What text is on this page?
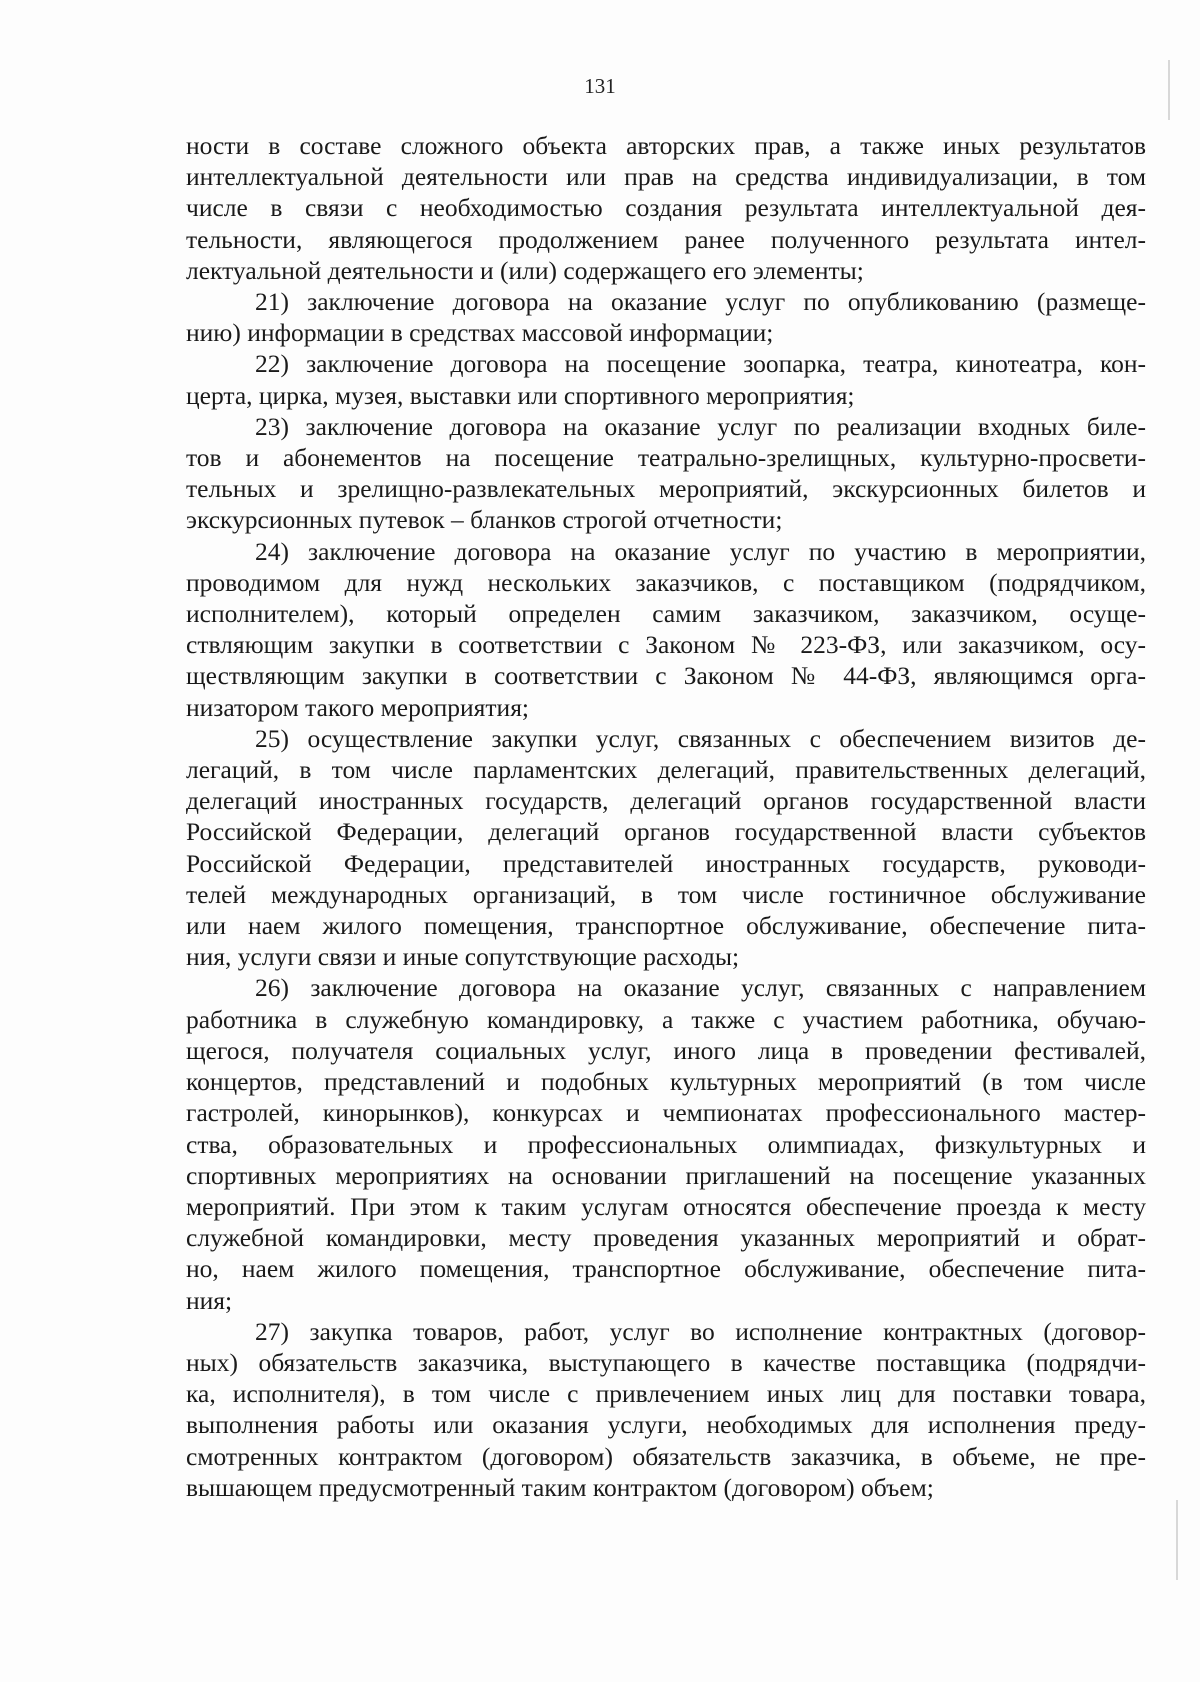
131
ности в составе сложного объекта авторских прав, а также иных результатов
интеллектуальной деятельности или прав на средства индивидуализации, в том
числе в связи с необходимостью создания результата интеллектуальной дея-
тельности, являющегося продолжением ранее полученного результата интел-
лектуальной деятельности и (или) содержащего его элементы;
21) заключение договора на оказание услуг по опубликованию (размеще-
нию) информации в средствах массовой информации;
22) заключение договора на посещение зоопарка, театра, кинотеатра, кон-
церта, цирка, музея, выставки или спортивного мероприятия;
23) заключение договора на оказание услуг по реализации входных биле-
тов и абонементов на посещение театрально-зрелищных, культурно-просвети-
тельных и зрелищно-развлекательных мероприятий, экскурсионных билетов и
экскурсионных путевок – бланков строгой отчетности;
24) заключение договора на оказание услуг по участию в мероприятии,
проводимом для нужд нескольких заказчиков, с поставщиком (подрядчиком,
исполнителем), который определен самим заказчиком, заказчиком, осуще-
ствляющим закупки в соответствии с Законом № 223-ФЗ, или заказчиком, осу-
ществляющим закупки в соответствии с Законом № 44-ФЗ, являющимся орга-
низатором такого мероприятия;
25) осуществление закупки услуг, связанных с обеспечением визитов де-
легаций, в том числе парламентских делегаций, правительственных делегаций,
делегаций иностранных государств, делегаций органов государственной власти
Российской Федерации, делегаций органов государственной власти субъектов
Российской Федерации, представителей иностранных государств, руководи-
телей международных организаций, в том числе гостиничное обслуживание
или наем жилого помещения, транспортное обслуживание, обеспечение пита-
ния, услуги связи и иные сопутствующие расходы;
26) заключение договора на оказание услуг, связанных с направлением
работника в служебную командировку, а также с участием работника, обучаю-
щегося, получателя социальных услуг, иного лица в проведении фестивалей,
концертов, представлений и подобных культурных мероприятий (в том числе
гастролей, кинорынков), конкурсах и чемпионатах профессионального мастер-
ства, образовательных и профессиональных олимпиадах, физкультурных и
спортивных мероприятиях на основании приглашений на посещение указанных
мероприятий. При этом к таким услугам относятся обеспечение проезда к месту
служебной командировки, месту проведения указанных мероприятий и обрат-
но, наем жилого помещения, транспортное обслуживание, обеспечение пита-
ния;
27) закупка товаров, работ, услуг во исполнение контрактных (договор-
ных) обязательств заказчика, выступающего в качестве поставщика (подрядчи-
ка, исполнителя), в том числе с привлечением иных лиц для поставки товара,
выполнения работы или оказания услуги, необходимых для исполнения преду-
смотренных контрактом (договором) обязательств заказчика, в объеме, не пре-
вышающем предусмотренный таким контрактом (договором) объем;
